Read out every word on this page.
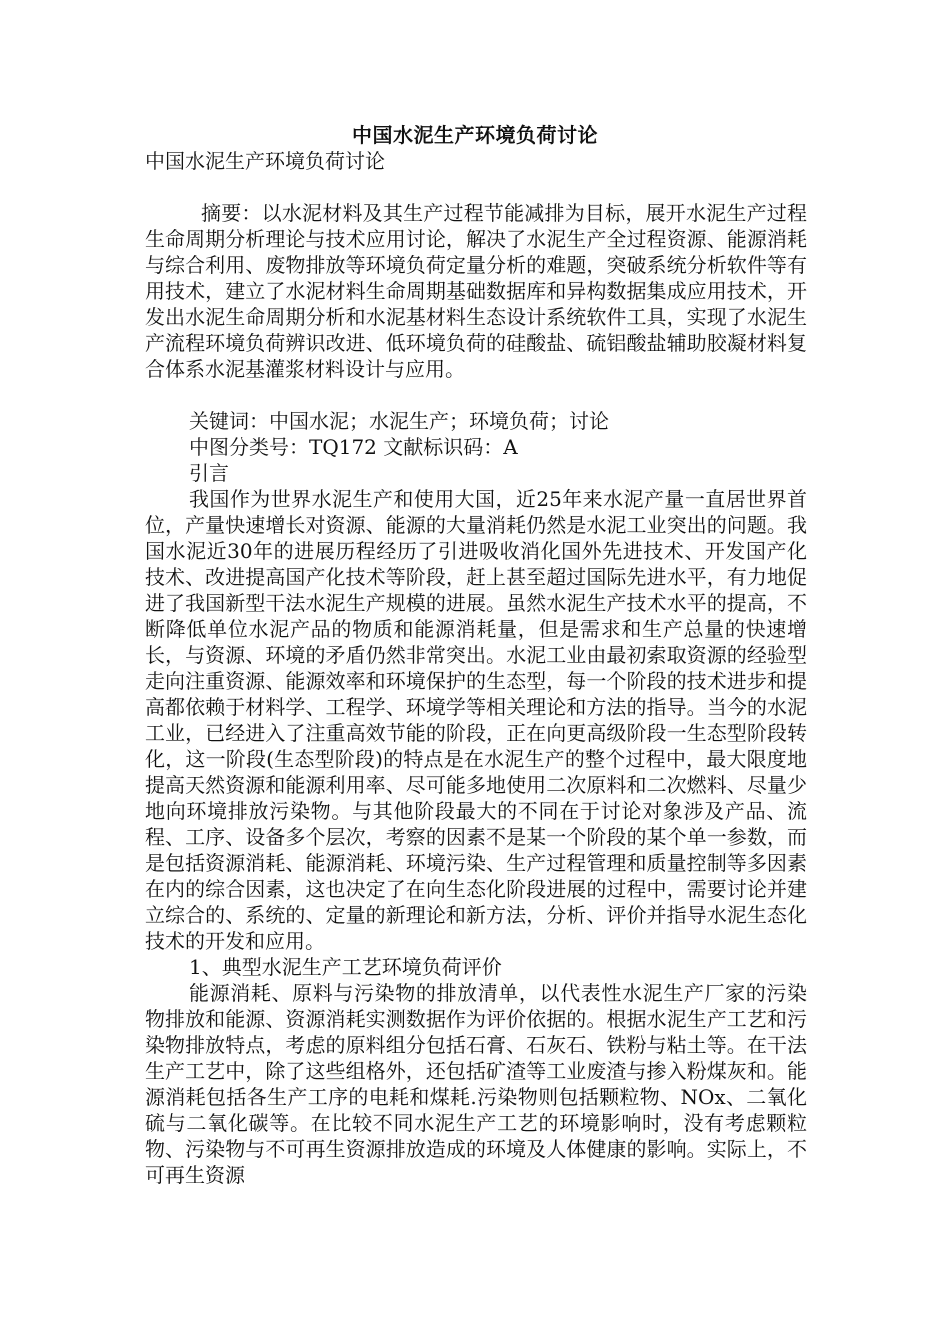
中国水泥生产环境负荷讨论

中国水泥生产环境负荷讨论

摘要：以水泥材料及其生产过程节能减排为目标，展开水泥生产过程生命周期分析理论与技术应用讨论，解决了水泥生产全过程资源、能源消耗与综合利用、废物排放等环境负荷定量分析的难题，突破系统分析软件等有用技术，建立了水泥材料生命周期基础数据库和异构数据集成应用技术，开发出水泥生命周期分析和水泥基材料生态设计系统软件工具，实现了水泥生产流程环境负荷辨识改进、低环境负荷的硅酸盐、硫铝酸盐辅助胶凝材料复合体系水泥基灌浆材料设计与应用。

关键词：中国水泥；水泥生产；环境负荷；讨论

中图分类号：TQ172 文献标识码：A

引言

我国作为世界水泥生产和使用大国，近25年来水泥产量一直居世界首位，产量快速增长对资源、能源的大量消耗仍然是水泥工业突出的问题。我国水泥近30年的进展历程经历了引进吸收消化国外先进技术、开发国产化技术、改进提高国产化技术等阶段，赶上甚至超过国际先进水平，有力地促进了我国新型干法水泥生产规模的进展。虽然水泥生产技术水平的提高，不断降低单位水泥产品的物质和能源消耗量，但是需求和生产总量的快速增长，与资源、环境的矛盾仍然非常突出。水泥工业由最初索取资源的经验型走向注重资源、能源效率和环境保护的生态型，每一个阶段的技术进步和提高都依赖于材料学、工程学、环境学等相关理论和方法的指导。当今的水泥工业，已经进入了注重高效节能的阶段，正在向更高级阶段一生态型阶段转化，这一阶段(生态型阶段)的特点是在水泥生产的整个过程中，最大限度地提高天然资源和能源利用率、尽可能多地使用二次原料和二次燃料、尽量少地向环境排放污染物。与其他阶段最大的不同在于讨论对象涉及产品、流程、工序、设备多个层次，考察的因素不是某一个阶段的某个单一参数，而是包括资源消耗、能源消耗、环境污染、生产过程管理和质量控制等多因素在内的综合因素，这也决定了在向生态化阶段进展的过程中，需要讨论并建立综合的、系统的、定量的新理论和新方法，分析、评价并指导水泥生态化技术的开发和应用。

1、典型水泥生产工艺环境负荷评价

能源消耗、原料与污染物的排放清单，以代表性水泥生产厂家的污染物排放和能源、资源消耗实测数据作为评价依据的。根据水泥生产工艺和污染物排放特点，考虑的原料组分包括石膏、石灰石、铁粉与粘土等。在干法生产工艺中，除了这些组格外，还包括矿渣等工业废渣与掺入粉煤灰和。能源消耗包括各生产工序的电耗和煤耗.污染物则包括颗粒物、NOx、二氧化硫与二氧化碳等。在比较不同水泥生产工艺的环境影响时，没有考虑颗粒物、污染物与不可再生资源排放造成的环境及人体健康的影响。实际上，不可再生资源
